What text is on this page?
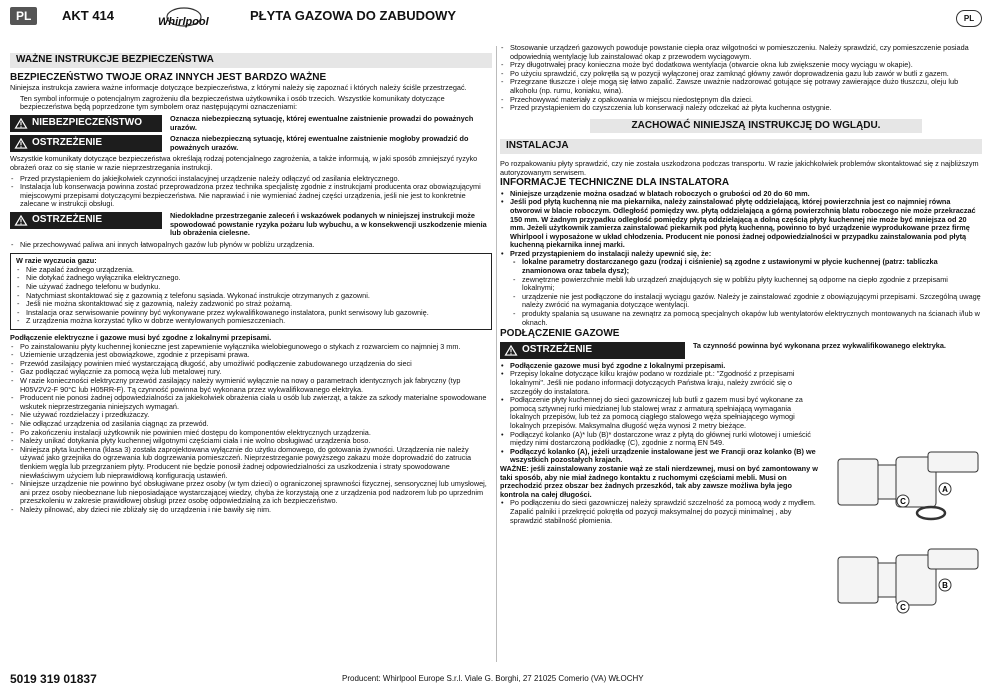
PL	AKT 414	Whirlpool	PŁYTA GAZOWA DO ZABUDOWY	PL
WAŻNE INSTRUKCJE BEZPIECZEŃSTWA
BEZPIECZEŃSTWO TWOJE ORAZ INNYCH JEST BARDZO WAŻNE
Niniejsza instrukcja zawiera ważne informacje dotyczące bezpieczeństwa, z którymi należy się zapoznać i których należy ściśle przestrzegać.
Ten symbol informuje o potencjalnym zagrożeniu dla bezpieczeństwa użytkownika i osób trzecich. Wszystkie komunikaty dotyczące bezpieczeństwa będą poprzedzone tym symbolem oraz następującymi oznaczeniami:
NIEBEZPIECZEŃSTWO	Oznacza niebezpieczną sytuację, której ewentualne zaistnienie prowadzi do poważnych urazów.
OSTRZEŻENIE	Oznacza niebezpieczną sytuację, której ewentualne zaistnienie mogłoby prowadzić do poważnych urazów.
Wszystkie komunikaty dotyczące bezpieczeństwa określają rodzaj potencjalnego zagrożenia, a także informują, w jaki sposób zmniejszyć ryzyko obrażeń oraz co się stanie w razie nieprzestrzegania instrukcji.
- Przed przystąpieniem do jakiejkolwiek czynności instalacyjnej urządzenie należy odłączyć od zasilania elektrycznego.
- Instalacja lub konserwacja powinna zostać przeprowadzona przez technika specjalistę zgodnie z instrukcjami producenta oraz obowiązującymi miejscowymi przepisami dotyczącymi bezpieczeństwa. Nie naprawiać i nie wymieniać żadnej części urządzenia, jeśli nie jest to konkretnie zalecane w instrukcji obsługi.
OSTRZEŻENIE	Niedokładne przestrzeganie zaleceń i wskazówek podanych w niniejszej instrukcji może spowodować powstanie ryzyka pożaru lub wybuchu, a w konsekwencji uszkodzenie mienia lub obrażenia cielesne.
- Nie przechowywać paliwa ani innych łatwopalnych gazów lub płynów w pobliżu urządzenia.
W razie wyczucia gazu:
- Nie zapalać żadnego urządzenia.
- Nie dotykać żadnego wyłącznika elektrycznego.
- Nie używać żadnego telefonu w budynku.
- Natychmiast skontaktować się z gazownią z telefonu sąsiada. Wykonać instrukcje otrzymanych z gazowni.
- Jeśli nie można skontaktować się z gazownią, należy zadzwonić po straż pożarną.
- Instalacja oraz serwisowanie powinny być wykonywane przez wykwalifikowanego instalatora, punkt serwisowy lub gazownię.
- Z urządzenia można korzystać tylko w dobrze wentylowanych pomieszczeniach.
Podłączenie elektryczne i gazowe musi być zgodne z lokalnymi przepisami.
- Po zainstalowaniu płyty kuchennej konieczne jest zapewnienie wyłącznika wielobiegunowego o stykach z rozwarciem co najmniej 3 mm.
- Uziemienie urządzenia jest obowiązkowe, zgodnie z przepisami prawa.
- Przewód zasilający powinien mieć wystarczającą długość, aby umożliwić podłączenie zabudowanego urządzenia do sieci
- Gaz podłączać wyłącznie za pomocą węża lub metalowej rury.
- W razie konieczności elektryczny przewód zasilający należy wymienić wyłącznie na nowy o parametrach identycznych jak fabryczny (typ H05V2V2-F 90°C lub H05RR-F). Tą czynność powinna być wykonana przez wykwalifikowanego elektryka.
- Producent nie ponosi żadnej odpowiedzialności za jakiekolwiek obrażenia ciała u osób lub zwierząt, a także za szkody materialne spowodowane wskutek nieprzestrzegania niniejszych wymagań.
- Nie używać rozdzielaczy i przedłużaczy.
- Nie odłączać urządzenia od zasilania ciągnąc za przewód.
- Po zakończeniu instalacji użytkownik nie powinien mieć dostępu do komponentów elektrycznych urządzenia.
- Należy unikać dotykania płyty kuchennej wilgotnymi częściami ciała i nie wolno obsługiwać urządzenia boso.
- Niniejsza płyta kuchenna (klasa 3) została zaprojektowana wyłącznie do użytku domowego, do gotowania żywności. Urządzenia nie należy używać jako grzejnika do ogrzewania lub dogrzewania pomieszczeń. Nieprzestrzeganie powyższego zakazu może doprowadzić do zatrucia tlenkiem węgla lub przegrzaniem płyty. Producent nie będzie ponosił żadnej odpowiedzialności za uszkodzenia i straty spowodowane niewłaściwym użyciem lub nieprawidłową konfiguracją ustawień.
- Niniejsze urządzenie nie powinno być obsługiwane przez osoby (w tym dzieci) o ograniczonej sprawności fizycznej, sensorycznej lub umysłowej, ani przez osoby nieobeznane lub nieposiadające wystarczającej wiedzy, chyba że korzystają one z urządzenia pod nadzorem lub po uprzednim przeszkoleniu w zakresie prawidłowej obsługi przez osobę odpowiedzialną za ich bezpieczeństwo.
- Należy pilnować, aby dzieci nie zbliżały się do urządzenia i nie bawiły się nim.
- Stosowanie urządzeń gazowych powoduje powstanie ciepła oraz wilgotności w pomieszczeniu. Należy sprawdzić, czy pomieszczenie posiada odpowiednią wentylację lub zainstalować okap z przewodem wyciągowym.
- Przy długotrwałej pracy konieczna może być dodatkowa wentylacja (otwarcie okna lub zwiększenie mocy wyciągu w okapie).
- Po użyciu sprawdzić, czy pokrętła są w pozycji wyłączonej oraz zamknąć główny zawór doprowadzenia gazu lub zawór w butli z gazem.
- Przegrzane tłuszcze i oleje mogą się łatwo zapalić. Zawsze uważnie nadzorować gotujące się potrawy zawierające dużo tłuszczu, oleju lub alkoholu (np. rumu, koniaku, wina).
- Przechowywać materiały z opakowania w miejscu niedostępnym dla dzieci.
- Przed przystąpieniem do czyszczenia lub konserwacji należy odczekać aż płyta kuchenna ostygnie.
ZACHOWAĆ NINIEJSZĄ INSTRUKCJĘ DO WGLĄDU.
INSTALACJA
Po rozpakowaniu płyty sprawdzić, czy nie została uszkodzona podczas transportu. W razie jakichkolwiek problemów skontaktować się z najbliższym autoryzowanym serwisem.
INFORMACJE TECHNICZNE DLA INSTALATORA
• Niniejsze urządzenie można osadzać w blatach roboczych o grubości od 20 do 60 mm.
• Jeśli pod płytą kuchenną nie ma piekarnika, należy zainstalować płytę oddzielającą, której powierzchnia jest co najmniej równa otworowi w blacie roboczym. Odległość pomiędzy ww. płytą oddzielającą a górną powierzchnią blatu roboczego nie może przekraczać 150 mm. W żadnym przypadku odległość pomiędzy płytą oddzielającą a dolną częścią płyty kuchennej nie może być mniejsza od 20 mm. Jeżeli użytkownik zamierza zainstalować piekarnik pod płytą kuchenną, powinno to być urządzenie wyprodukowane przez firmę Whirlpool i wyposażone w układ chłodzenia. Producent nie ponosi żadnej odpowiedzialności w przypadku zainstalowania pod płytą kuchenną piekarnika innej marki.
• Przed przystąpieniem do instalacji należy upewnić się, że:
- lokalne parametry dostarczanego gazu (rodzaj i ciśnienie) są zgodne z ustawionymi w płycie kuchennej (patrz: tabliczka znamionowa oraz tabela dysz);
- zewnętrzne powierzchnie mebli lub urządzeń znajdujących się w pobliżu płyty kuchennej są odporne na ciepło zgodnie z przepisami lokalnymi;
- urządzenie nie jest podłączone do instalacji wyciągu gazów. Należy je zainstalować zgodnie z obowiązującymi przepisami. Szczególną uwagę należy zwrócić na wymagania dotyczące wentylacji.
- produkty spalania są usuwane na zewnątrz za pomocą specjalnych okapów lub wentylatorów elektrycznych montowanych na ścianach i/lub w oknach.
PODŁĄCZENIE GAZOWE
OSTRZEŻENIE	Ta czynność powinna być wykonana przez wykwalifikowanego elektryka.
• Podłączenie gazowe musi być zgodne z lokalnymi przepisami.
• Przepisy lokalne dotyczące kilku krajów podano w rozdziale pt.: "Zgodność z przepisami lokalnymi". Jeśli nie podano informacji dotyczących Państwa kraju, należy zwrócić się o szczegóły do instalatora.
• Podłączenie płyty kuchennej do sieci gazowniczej lub butli z gazem musi być wykonane za pomocą sztywnej rurki miedzianej lub stalowej wraz z armaturą spełniającą wymagania lokalnych przepisów, lub też za pomocą ciągłego stalowego węża spełniającego wymogi lokalnych przepisów. Maksymalna długość węża wynosi 2 metry bieżące.
• Podłączyć kolanko (A)* lub (B)* dostarczone wraz z płytą do głównej rurki wlotowej i umieścić między nimi dostarczoną podkładkę (C), zgodnie z normą EN 549.
• Podłączyć kolanko (A), jeżeli urządzenie instalowane jest we Francji oraz kolanko (B) we wszystkich pozostałych krajach.
WAŻNE: jeśli zainstalowany zostanie wąż ze stali nierdzewnej, musi on być zamontowany w taki sposób, aby nie miał żadnego kontaktu z ruchomymi częściami mebli. Musi on przechodzić przez obszar bez żadnych przeszkód, tak aby zawsze możliwa była jego kontrola na całej długości.
• Po podłączeniu do sieci gazowniczej należy sprawdzić szczelność za pomocą wody z mydłem. Zapalić palniki i przekręcić pokrętła od pozycji maksymalnej do pozycji minimalnej , aby sprawdzić stabilność płomienia.
C
A
C
B
5019 319 01837	Producent: Whirlpool Europe S.r.l. Viale G. Borghi, 27 21025 Comerio (VA) WŁOCHY
